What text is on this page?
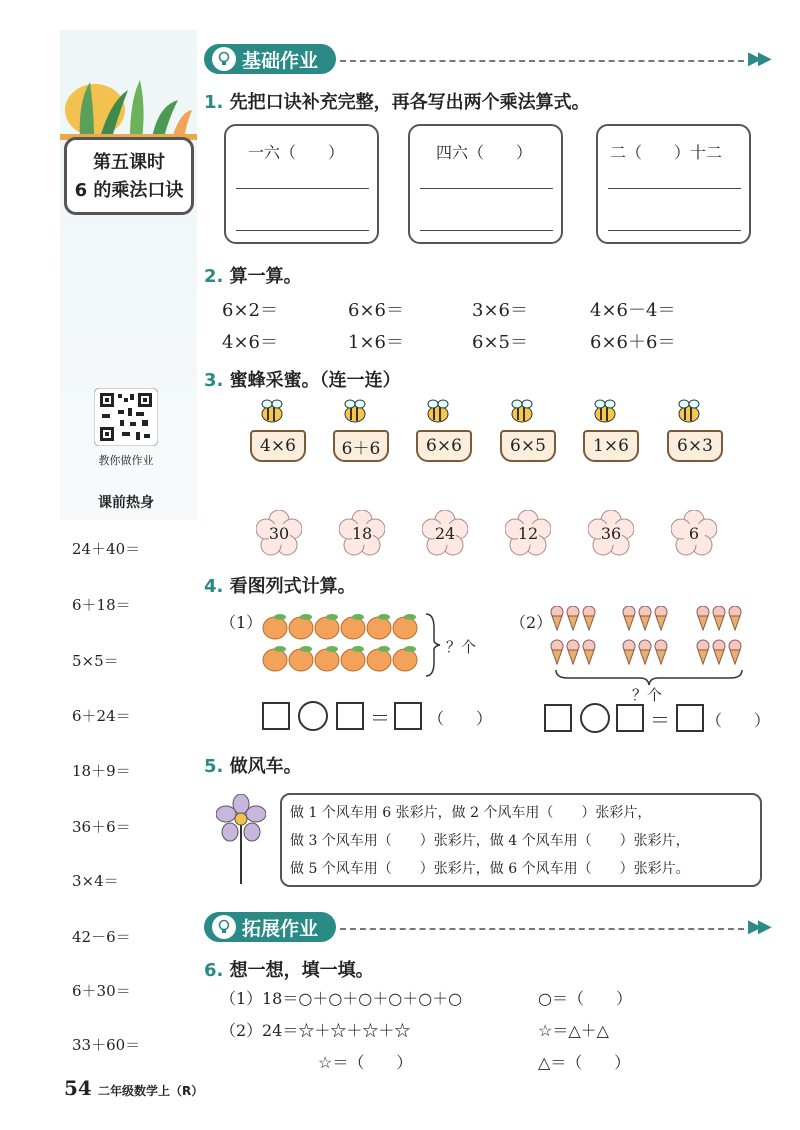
第五课时
6 的乘法口诀
教你做作业
课前热身
24＋40＝
6＋18＝
5×5＝
6＋24＝
18＋9＝
36＋6＝
3×4＝
42－6＝
6＋30＝
33＋60＝
基础作业	▶▶
1. 先把口诀补充完整，再各写出两个乘法算式。
一六（　　）	四六（　　）	二（　　）十二
2. 算一算。
6×2＝	6×6＝	3×6＝	4×6－4＝
4×6＝	1×6＝	6×5＝	6×6＋6＝
3. 蜜蜂采蜜。（连一连）
4×6	6＋6	6×6	6×5	1×6	6×3
30	18	24	12	36	6
4. 看图列式计算。
（1）
？个
＝ （　　）
（2）
？个
＝ （　　）
5. 做风车。
做 1 个风车用 6 张彩片，做 2 个风车用（　　）张彩片，
做 3 个风车用（　　）张彩片，做 4 个风车用（　　）张彩片，
做 5 个风车用（　　）张彩片，做 6 个风车用（　　）张彩片。
拓展作业	▶▶
6. 想一想，填一填。
（1） 18＝○＋○＋○＋○＋○＋○	○＝（　　）
（2） 24＝☆＋☆＋☆＋☆	☆＝△＋△
☆＝（　　）	△＝（　　）
54 二年级数学上（R）
